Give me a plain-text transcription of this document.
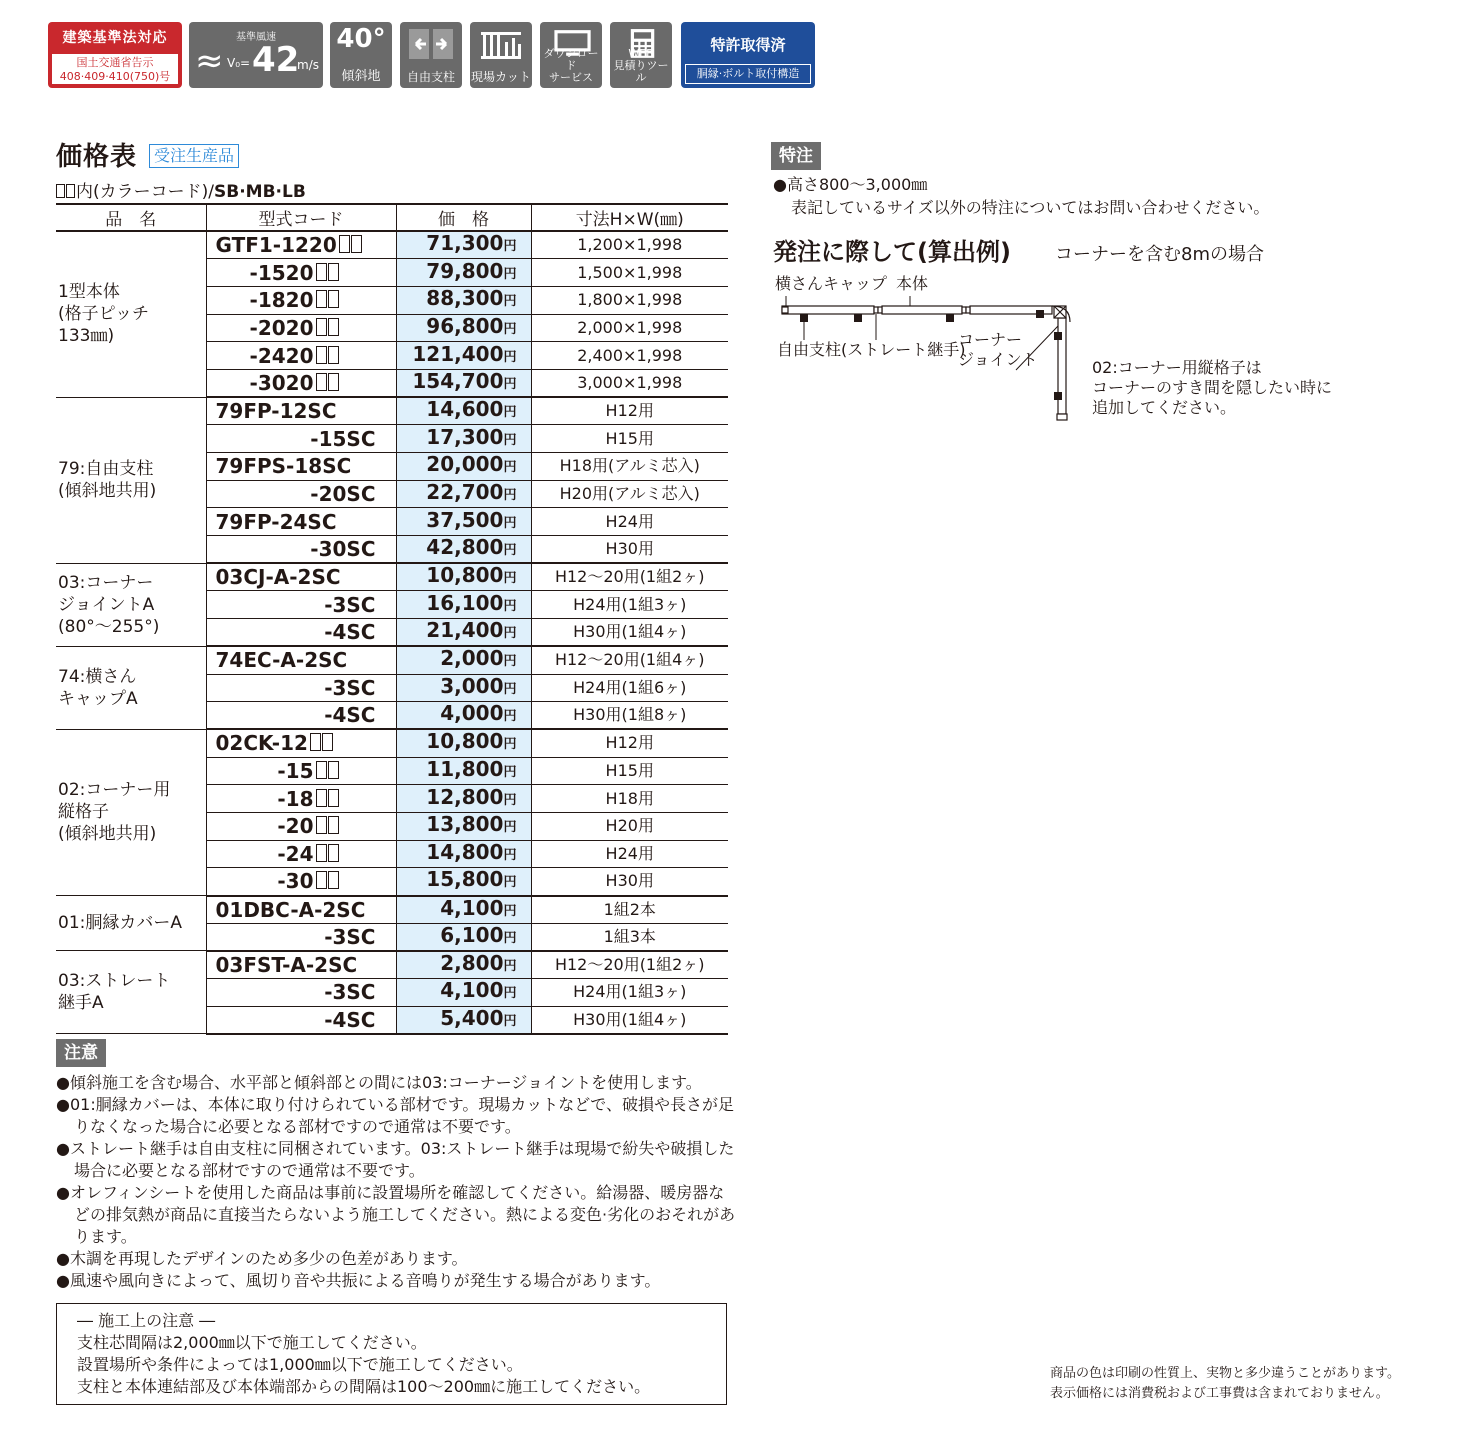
建築基準法対応
国土交通省告示
408·409·410(750)号
基準風速
≈ V₀= 42
m/s
40°
傾斜地	自由支柱	現場カット
ダウンロード
サービス
WEB
見積りツール
特許取得済
胴縁·ボルト取付構造
価格表	受注生産品
内(カラーコード)/SB·MB·LB
品　名	型式コード	価　格	寸法H×W(㎜)
1型本体
(格子ピッチ
133㎜)	GTF1-1220	71,300円	1,200×1,998
	-1520	79,800円	1,500×1,998
	-1820	88,300円	1,800×1,998
	-2020	96,800円	2,000×1,998
	-2420	121,400円	2,400×1,998
	-3020	154,700円	3,000×1,998
79:自由支柱
(傾斜地共用)	79FP-12SC	14,600円	H12用
	-15SC	17,300円	H15用
	79FPS-18SC	20,000円	H18用(アルミ芯入)
	-20SC	22,700円	H20用(アルミ芯入)
	79FP-24SC	37,500円	H24用
	-30SC	42,800円	H30用
03:コーナー
ジョイントA
(80°〜255°)	03CJ-A-2SC	10,800円	H12〜20用(1組2ヶ)
	-3SC	16,100円	H24用(1組3ヶ)
	-4SC	21,400円	H30用(1組4ヶ)
74:横さん
キャップA	74EC-A-2SC	2,000円	H12〜20用(1組4ヶ)
	-3SC	3,000円	H24用(1組6ヶ)
	-4SC	4,000円	H30用(1組8ヶ)
02:コーナー用
縦格子
(傾斜地共用)	02CK-12	10,800円	H12用
	-15	11,800円	H15用
	-18	12,800円	H18用
	-20	13,800円	H20用
	-24	14,800円	H24用
	-30	15,800円	H30用
01:胴縁カバーA	01DBC-A-2SC	4,100円	1組2本
	-3SC	6,100円	1組3本
03:ストレート
継手A	03FST-A-2SC	2,800円	H12〜20用(1組2ヶ)
	-3SC	4,100円	H24用(1組3ヶ)
	-4SC	5,400円	H30用(1組4ヶ)
注意
●傾斜施工を含む場合、水平部と傾斜部との間には03:コーナージョイントを使用します。
●01:胴縁カバーは、本体に取り付けられている部材です。現場カットなどで、破損や長さが足りなくなった場合に必要となる部材ですので通常は不要です。
●ストレート継手は自由支柱に同梱されています。03:ストレート継手は現場で紛失や破損した場合に必要となる部材ですので通常は不要です。
●オレフィンシートを使用した商品は事前に設置場所を確認してください。給湯器、暖房器などの排気熱が商品に直接当たらないよう施工してください。熱による変色·劣化のおそれがあります。
●木調を再現したデザインのため多少の色差があります。
●風速や風向きによって、風切り音や共振による音鳴りが発生する場合があります。
― 施工上の注意 ―
支柱芯間隔は2,000㎜以下で施工してください。
設置場所や条件によっては1,000㎜以下で施工してください。
支柱と本体連結部及び本体端部からの間隔は100〜200㎜に施工してください。
特注
●高さ800〜3,000㎜
表記しているサイズ以外の特注についてはお問い合わせください。
発注に際して(算出例) コーナーを含む8mの場合
横さんキャップ 本体
自由支柱(ストレート継手)
コーナー
ジョイント	02:コーナー用縦格子は
コーナーのすき間を隠したい時に
追加してください。
商品の色は印刷の性質上、実物と多少違うことがあります。
表示価格には消費税および工事費は含まれておりません。
